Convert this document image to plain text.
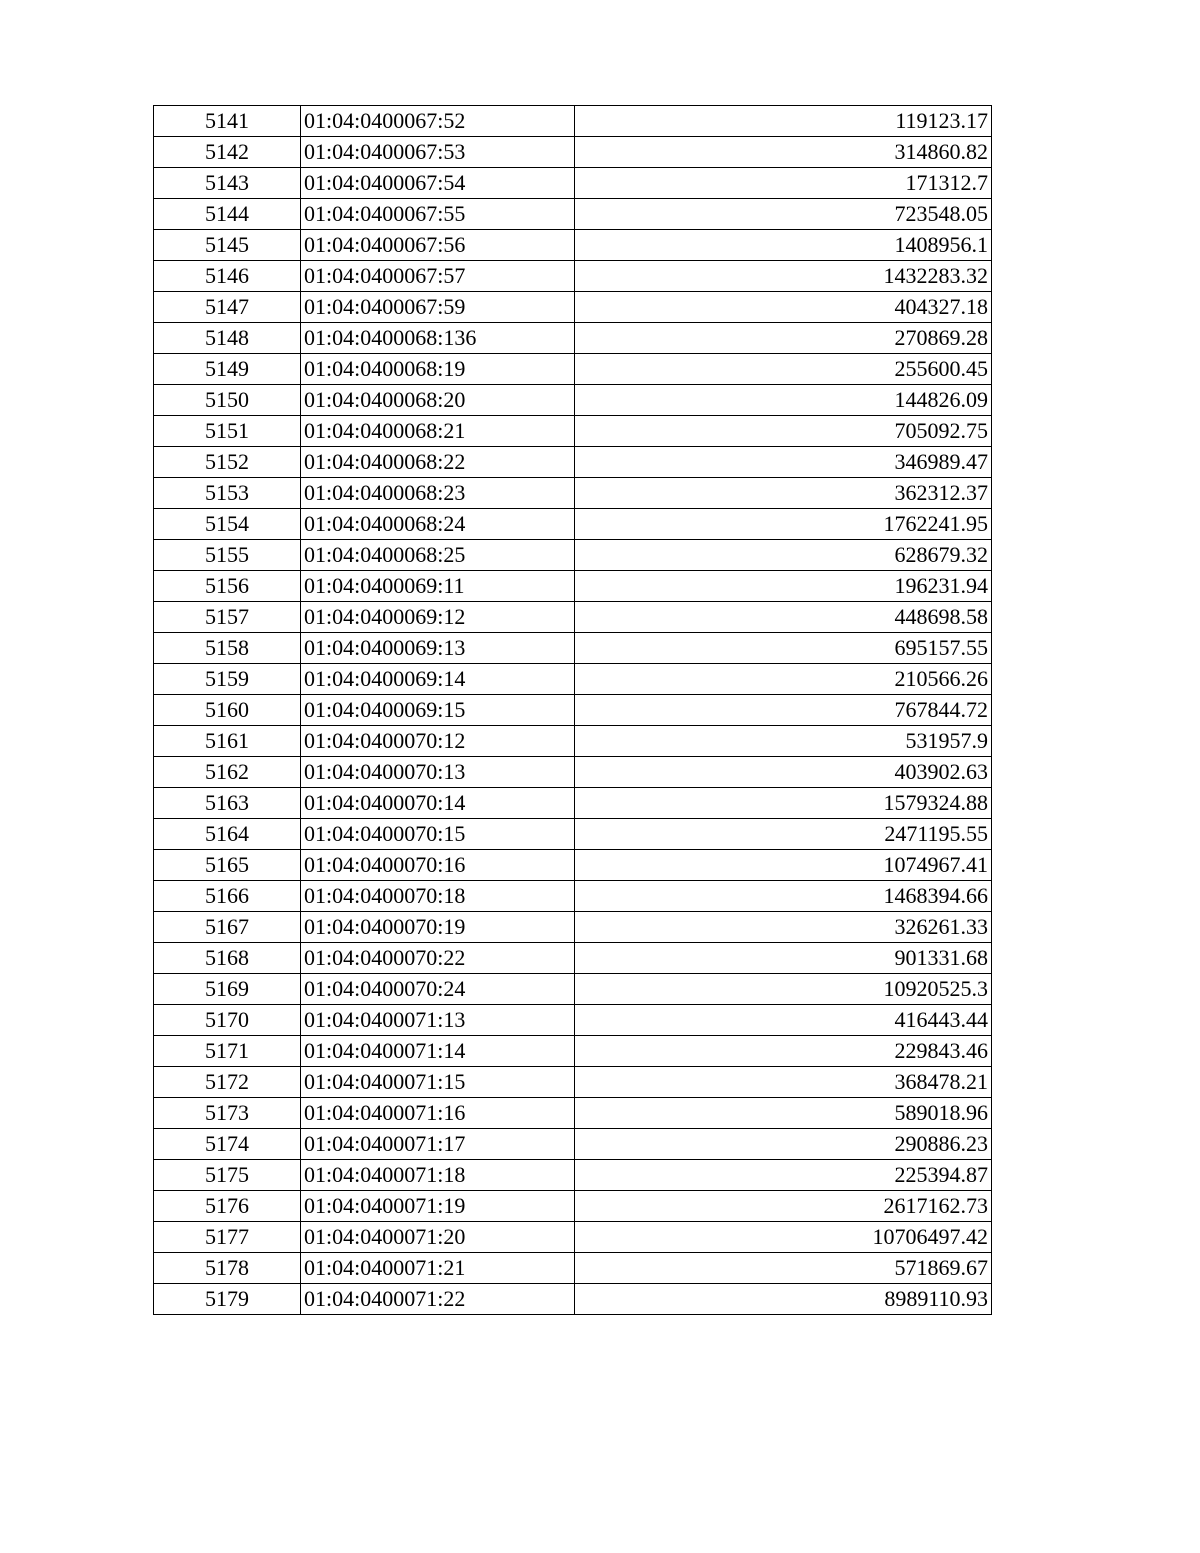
5141	01:04:0400067:52	119123.17
5142	01:04:0400067:53	314860.82
5143	01:04:0400067:54	171312.7
5144	01:04:0400067:55	723548.05
5145	01:04:0400067:56	1408956.1
5146	01:04:0400067:57	1432283.32
5147	01:04:0400067:59	404327.18
5148	01:04:0400068:136	270869.28
5149	01:04:0400068:19	255600.45
5150	01:04:0400068:20	144826.09
5151	01:04:0400068:21	705092.75
5152	01:04:0400068:22	346989.47
5153	01:04:0400068:23	362312.37
5154	01:04:0400068:24	1762241.95
5155	01:04:0400068:25	628679.32
5156	01:04:0400069:11	196231.94
5157	01:04:0400069:12	448698.58
5158	01:04:0400069:13	695157.55
5159	01:04:0400069:14	210566.26
5160	01:04:0400069:15	767844.72
5161	01:04:0400070:12	531957.9
5162	01:04:0400070:13	403902.63
5163	01:04:0400070:14	1579324.88
5164	01:04:0400070:15	2471195.55
5165	01:04:0400070:16	1074967.41
5166	01:04:0400070:18	1468394.66
5167	01:04:0400070:19	326261.33
5168	01:04:0400070:22	901331.68
5169	01:04:0400070:24	10920525.3
5170	01:04:0400071:13	416443.44
5171	01:04:0400071:14	229843.46
5172	01:04:0400071:15	368478.21
5173	01:04:0400071:16	589018.96
5174	01:04:0400071:17	290886.23
5175	01:04:0400071:18	225394.87
5176	01:04:0400071:19	2617162.73
5177	01:04:0400071:20	10706497.42
5178	01:04:0400071:21	571869.67
5179	01:04:0400071:22	8989110.93
